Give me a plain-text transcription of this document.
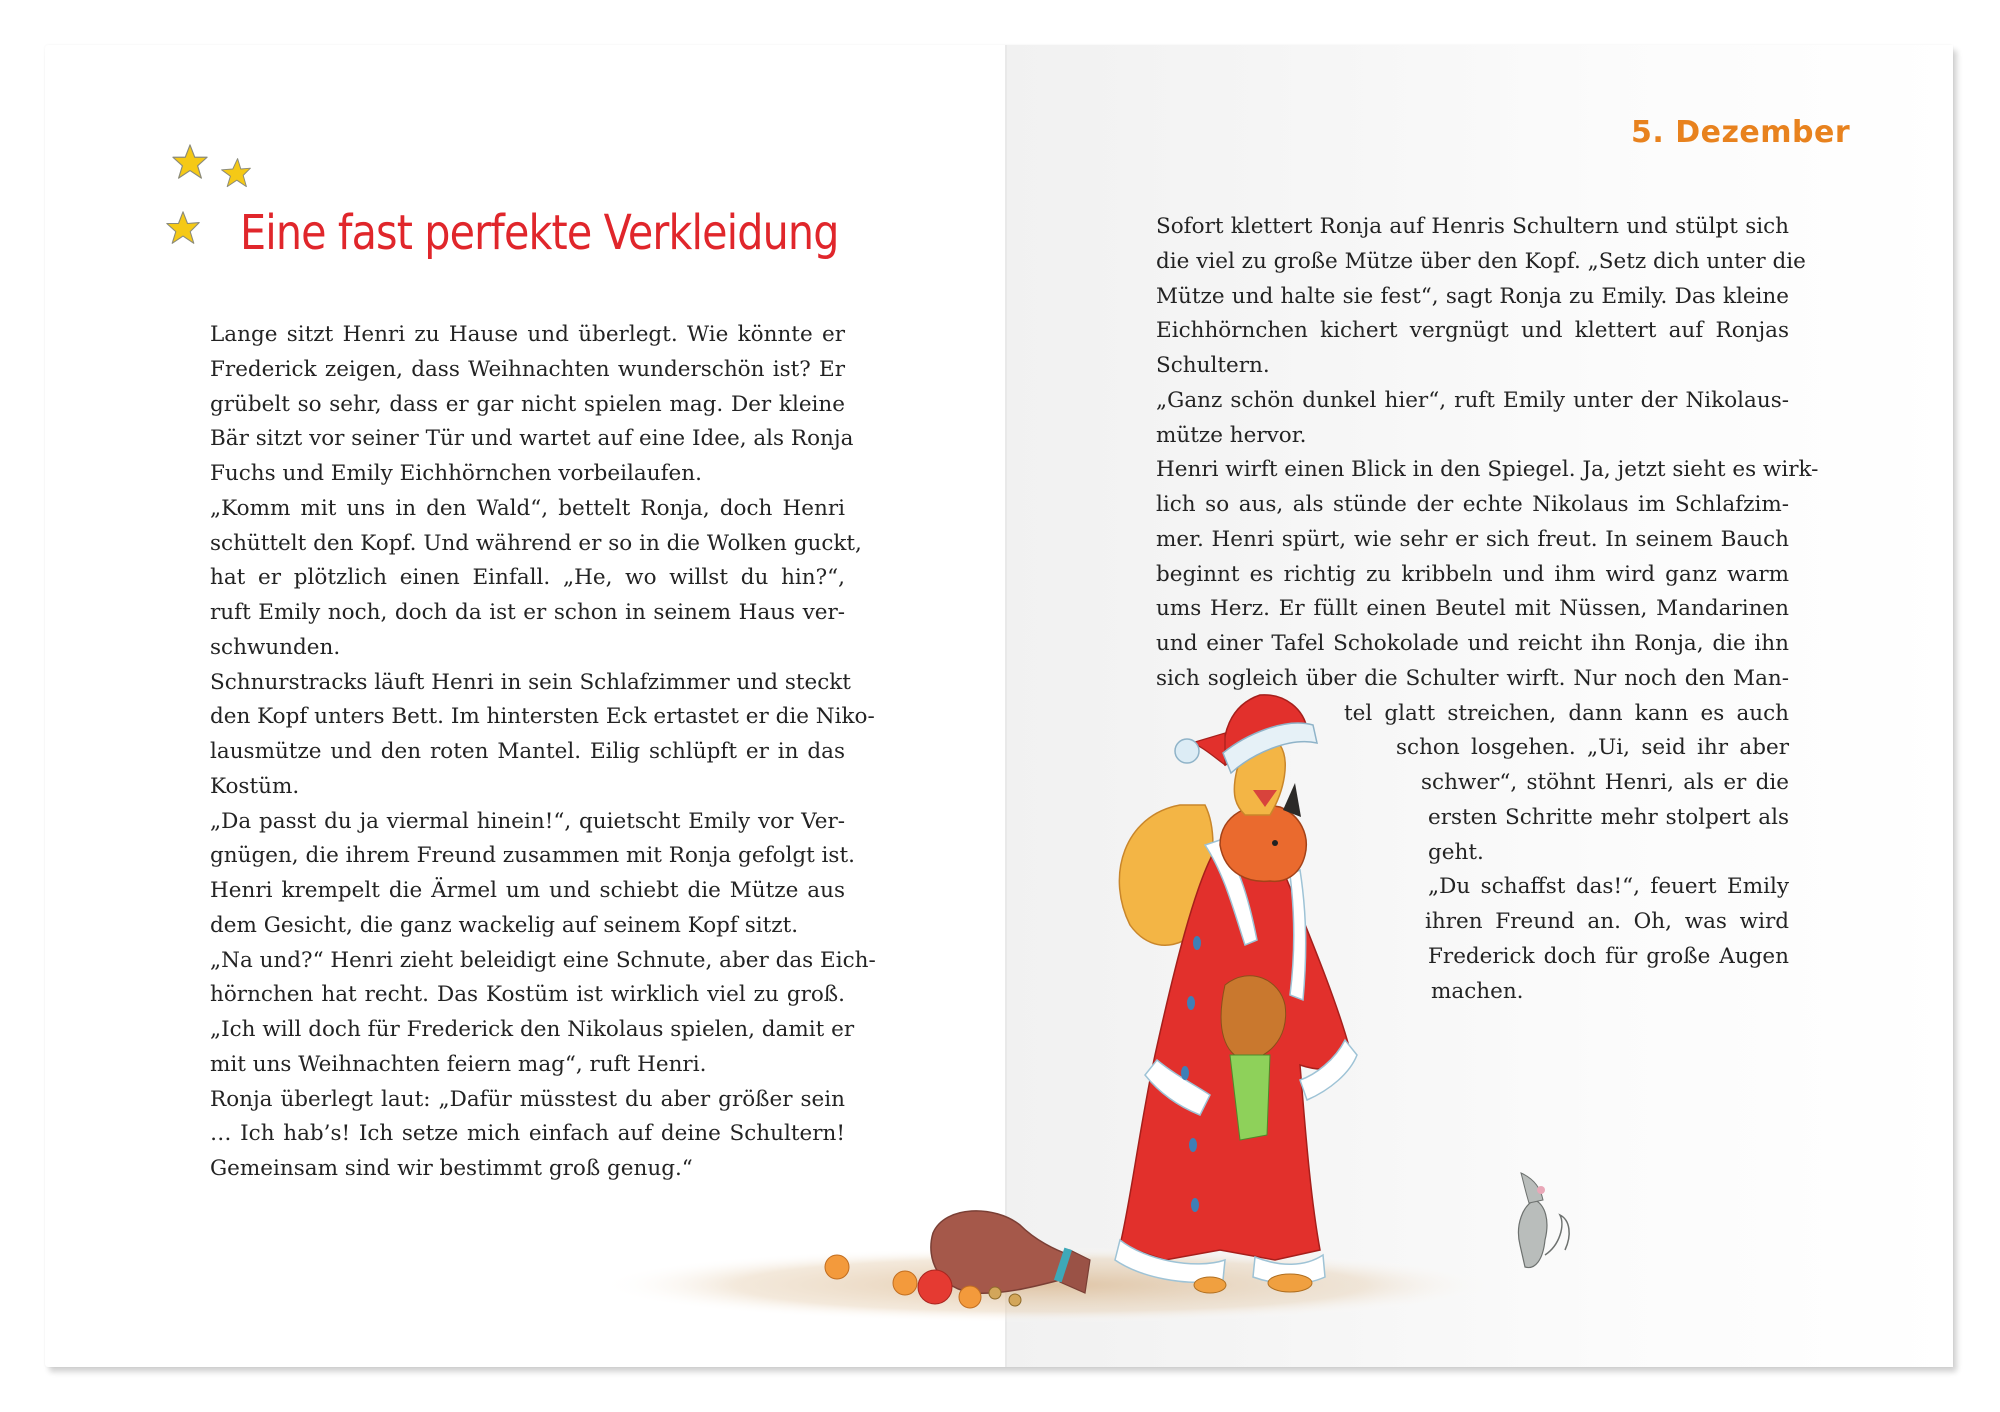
Eine fast perfekte Verkleidung
5. Dezember
Lange sitzt Henri zu Hause und überlegt. Wie könnte er
Frederick zeigen, dass Weihnachten wunderschön ist? Er
grübelt so sehr, dass er gar nicht spielen mag. Der kleine
Bär sitzt vor seiner Tür und wartet auf eine Idee, als Ronja
Fuchs und Emily Eichhörnchen vorbeilaufen.
„Komm mit uns in den Wald“, bettelt Ronja, doch Henri
schüttelt den Kopf. Und während er so in die Wolken guckt,
hat er plötzlich einen Einfall. „He, wo willst du hin?“,
ruft Emily noch, doch da ist er schon in seinem Haus ver-
schwunden.
Schnurstracks läuft Henri in sein Schlafzimmer und steckt
den Kopf unters Bett. Im hintersten Eck ertastet er die Niko-
lausmütze und den roten Mantel. Eilig schlüpft er in das
Kostüm.
„Da passt du ja viermal hinein!“, quietscht Emily vor Ver-
gnügen, die ihrem Freund zusammen mit Ronja gefolgt ist.
Henri krempelt die Ärmel um und schiebt die Mütze aus
dem Gesicht, die ganz wackelig auf seinem Kopf sitzt.
„Na und?“ Henri zieht beleidigt eine Schnute, aber das Eich-
hörnchen hat recht. Das Kostüm ist wirklich viel zu groß.
„Ich will doch für Frederick den Nikolaus spielen, damit er
mit uns Weihnachten feiern mag“, ruft Henri.
Ronja überlegt laut: „Dafür müsstest du aber größer sein
… Ich hab’s! Ich setze mich einfach auf deine Schultern!
Gemeinsam sind wir bestimmt groß genug.“
Sofort klettert Ronja auf Henris Schultern und stülpt sich
die viel zu große Mütze über den Kopf. „Setz dich unter die
Mütze und halte sie fest“, sagt Ronja zu Emily. Das kleine
Eichhörnchen kichert vergnügt und klettert auf Ronjas
Schultern.
„Ganz schön dunkel hier“, ruft Emily unter der Nikolaus-
mütze hervor.
Henri wirft einen Blick in den Spiegel. Ja, jetzt sieht es wirk-
lich so aus, als stünde der echte Nikolaus im Schlafzim-
mer. Henri spürt, wie sehr er sich freut. In seinem Bauch
beginnt es richtig zu kribbeln und ihm wird ganz warm
ums Herz. Er füllt einen Beutel mit Nüssen, Mandarinen
und einer Tafel Schokolade und reicht ihn Ronja, die ihn
sich sogleich über die Schulter wirft. Nur noch den Man-
tel glatt streichen, dann kann es auch
schon losgehen. „Ui, seid ihr aber
schwer“, stöhnt Henri, als er die
ersten Schritte mehr stolpert als
geht.
„Du schaffst das!“, feuert Emily
ihren Freund an. Oh, was wird
Frederick doch für große Augen
machen.
